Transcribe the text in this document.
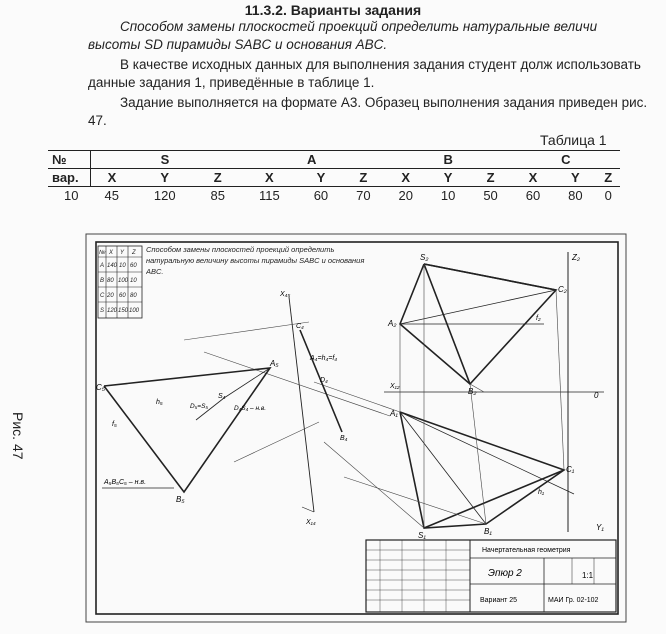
11.3.2. Варианты задания
Способом замены плоскостей проекций определить натуральные величи высоты SD пирамиды SABC и основания ABC.
В качестве исходных данных для выполнения задания студент долж использовать данные задания 1, приведённые в таблице 1.
Задание выполняется на формате А3. Образец выполнения задания приведен рис. 47.
Таблица 1
№	S			A			B			C		
вар.	X	Y	Z	X	Y	Z	X	Y	Z	X	Y	Z
10	45	120	85	115	60	70	20	10	50	60	80	0
Рис. 47
№ X Y Z
A 140 10 60
B 80 100 10
C 20 60 80
S 120 150 100
Способом замены плоскостей проекций определить натуральную величину высоты пирамиды SABC и основания ABC.
Z₂
Y₁
0
X₄₅
X₁₄
X₁₂
S₂
A₂
C₂
B₂
f₂
A₁
S₁	B₁
C₁
h₁
C₄
A₄=h₄=f₄
D₄
B₄
C₅
A₅
B₅
h₅
f₅
S₄
D₅=S₅	D₄S₄ – н.в.
A₅B₅C₅ – н.в.
Начертательная геометрия
Эпюр 2
Вариант 25
1:1
МАИ Гр. 02-102
